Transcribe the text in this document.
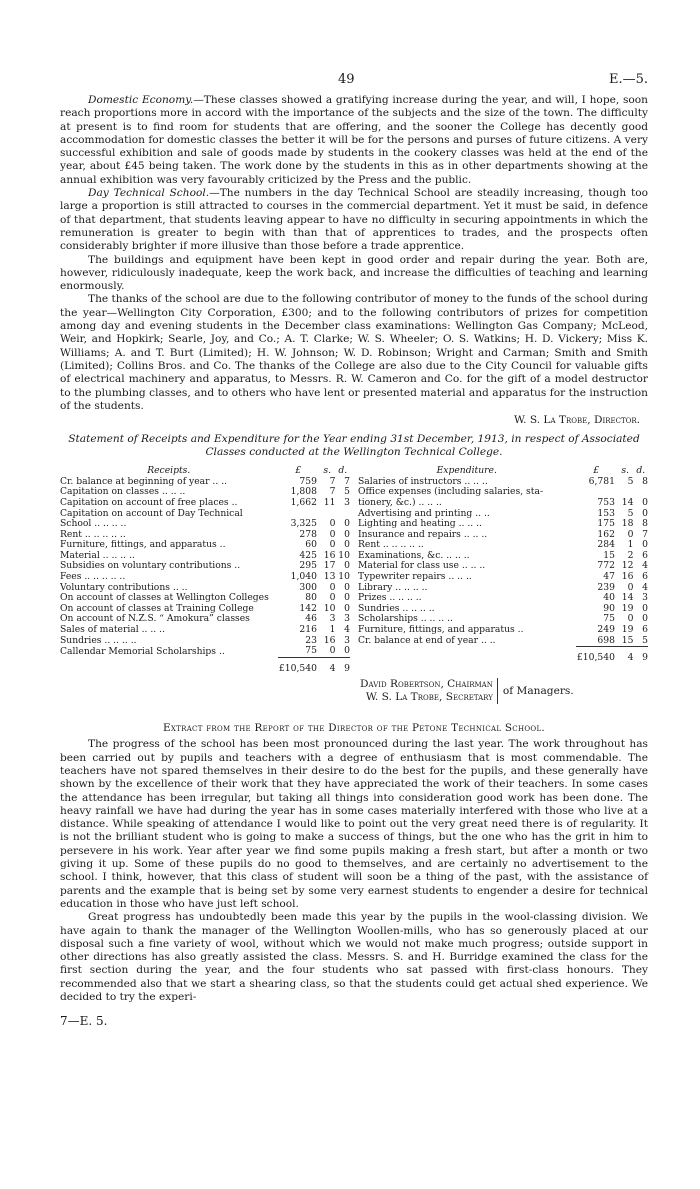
49	E.—5.

Domestic Economy.—These classes showed a gratifying increase during the year, and will, I hope, soon reach proportions more in accord with the importance of the subjects and the size of the town. The difficulty at present is to find room for students that are offering, and the sooner the College has decently good accommodation for domestic classes the better it will be for the persons and purses of future citizens. A very successful exhibition and sale of goods made by students in the cookery classes was held at the end of the year, about £45 being taken. The work done by the students in this as in other departments showing at the annual exhibition was very favourably criticized by the Press and the public.

Day Technical School.—The numbers in the day Technical School are steadily increasing, though too large a proportion is still attracted to courses in the commercial department. Yet it must be said, in defence of that department, that students leaving appear to have no difficulty in securing appointments in which the remuneration is greater to begin with than that of apprentices to trades, and the prospects often considerably brighter if more illusive than those before a trade apprentice.

The buildings and equipment have been kept in good order and repair during the year. Both are, however, ridiculously inadequate, keep the work back, and increase the difficulties of teaching and learning enormously.

The thanks of the school are due to the following contributor of money to the funds of the school during the year—Wellington City Corporation, £300; and to the following contributors of prizes for competition among day and evening students in the December class examinations: Wellington Gas Company; McLeod, Weir, and Hopkirk; Searle, Joy, and Co.; A. T. Clarke; W. S. Wheeler; O. S. Watkins; H. D. Vickery; Miss K. Williams; A. and T. Burt (Limited); H. W. Johnson; W. D. Robinson; Wright and Carman; Smith and Smith (Limited); Collins Bros. and Co. The thanks of the College are also due to the City Council for valuable gifts of electrical machinery and apparatus, to Messrs. R. W. Cameron and Co. for the gift of a model destructor to the plumbing classes, and to others who have lent or presented material and apparatus for the instruction of the students.

W. S. La Trobe, Director.
Statement of Receipts and Expenditure for the Year ending 31st December, 1913, in respect of Associated Classes conducted at the Wellington Technical College.
Receipts.	£	s.	d.
Cr. balance at beginning of year .. ..	759	7	7
Capitation on classes .. .. ..	1,808	7	5
Capitation on account of free places ..	1,662	11	3
Capitation on account of Day Technical			
School .. .. .. ..	3,325	0	0
Rent .. .. .. .. ..	278	0	0
Furniture, fittings, and apparatus ..	60	0	0
Material .. .. .. ..	425	16	10
Subsidies on voluntary contributions ..	295	17	0
Fees .. .. .. .. ..	1,040	13	10
Voluntary contributions .. ..	300	0	0
On account of classes at Wellington Colleges	80	0	0
On account of classes at Training College	142	10	0
On account of N.Z.S. “ Amokura” classes	46	3	3
Sales of material .. .. ..	216	1	4
Sundries .. .. .. ..	23	16	3
Callendar Memorial Scholarships ..	75	0	0
	£10,540	4	9
Expenditure.	£	s.	d.
Salaries of instructors .. .. ..	6,781	5	8
Office expenses (including salaries, sta-			
tionery, &c.) .. .. ..	753	14	0
Advertising and printing .. ..	153	5	0
Lighting and heating .. .. ..	175	18	8
Insurance and repairs .. .. ..	162	0	7
Rent .. .. .. .. ..	284	1	0
Examinations, &c. .. .. ..	15	2	6
Material for class use .. .. ..	772	12	4
Typewriter repairs .. .. ..	47	16	6
Library .. .. .. ..	239	0	4
Prizes .. .. .. ..	40	14	3
Sundries .. .. .. ..	90	19	0
Scholarships .. .. .. ..	75	0	0
Furniture, fittings, and apparatus ..	249	19	6
Cr. balance at end of year .. ..	698	15	5
	£10,540	4	9
David Robertson, Chairman
W. S. La Trobe, Secretary
of Managers.
Extract from the Report of the Director of the Petone Technical School.

The progress of the school has been most pronounced during the last year. The work throughout has been carried out by pupils and teachers with a degree of enthusiasm that is most commendable. The teachers have not spared themselves in their desire to do the best for the pupils, and these generally have shown by the excellence of their work that they have appreciated the work of their teachers. In some cases the attendance has been irregular, but taking all things into consideration good work has been done. The heavy rainfall we have had during the year has in some cases materially interfered with those who live at a distance. While speaking of attendance I would like to point out the very great need there is of regularity. It is not the brilliant student who is going to make a success of things, but the one who has the grit in him to persevere in his work. Year after year we find some pupils making a fresh start, but after a month or two giving it up. Some of these pupils do no good to themselves, and are certainly no advertisement to the school. I think, however, that this class of student will soon be a thing of the past, with the assistance of parents and the example that is being set by some very earnest students to engender a desire for technical education in those who have just left school.

Great progress has undoubtedly been made this year by the pupils in the wool-classing division. We have again to thank the manager of the Wellington Woollen-mills, who has so generously placed at our disposal such a fine variety of wool, without which we would not make much progress; outside support in other directions has also greatly assisted the class. Messrs. S. and H. Burridge examined the class for the first section during the year, and the four students who sat passed with first-class honours. They recommended also that we start a shearing class, so that the students could get actual shed experience. We decided to try the experi-

7—E. 5.
